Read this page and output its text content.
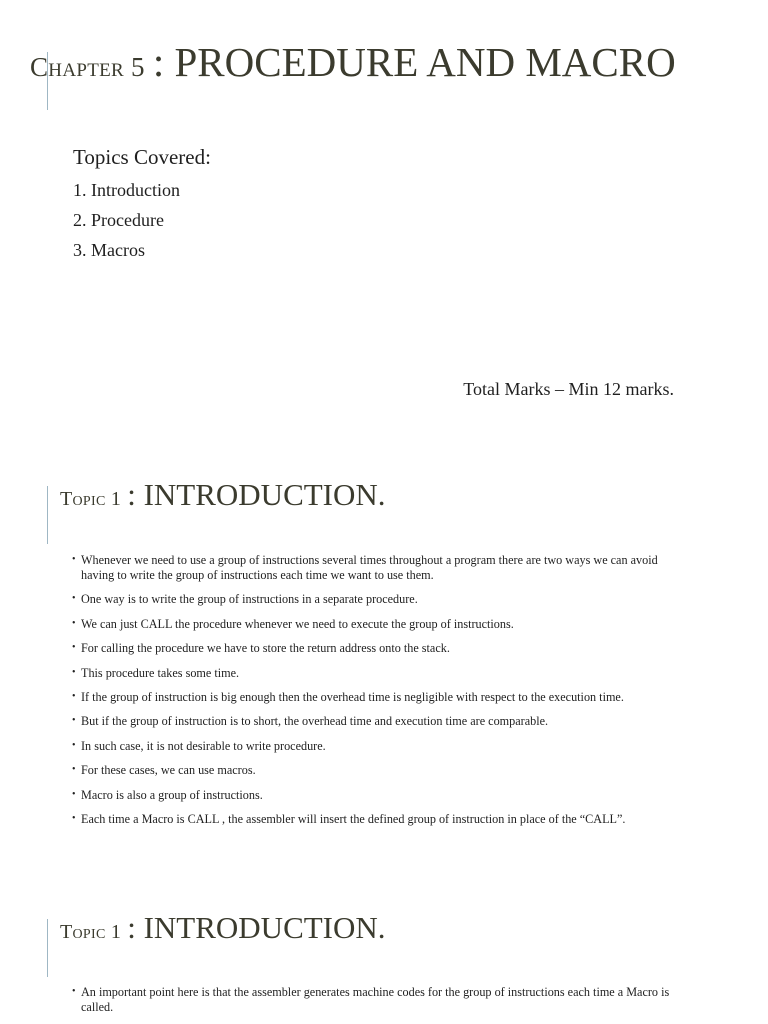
Chapter 5 : PROCEDURE AND MACRO

Topics Covered:

1. Introduction
2. Procedure
3. Macros

Total Marks – Min 12 marks.

Topic 1 : INTRODUCTION.
• Whenever we need to use a group of instructions several times throughout a program there are two ways we can avoid having to write the group of instructions each time we want to use them.
• One way is to write the group of instructions in a separate procedure.
• We can just CALL the procedure whenever we need to execute the group of instructions.
• For calling the procedure we have to store the return address onto the stack.
• This procedure takes some time.
• If the group of instruction is big enough then the overhead time is negligible with respect to the execution time.
• But if the group of instruction is to short, the overhead time and execution time are comparable.
• In such case, it is not desirable to write procedure.
• For these cases, we can use macros.
• Macro is also a group of instructions.
• Each time a Macro is CALL , the assembler will insert the defined group of instruction in place of the “CALL”.
Topic 1 : INTRODUCTION.
• An important point here is that the assembler generates machine codes for the group of instructions each time a Macro is called.
